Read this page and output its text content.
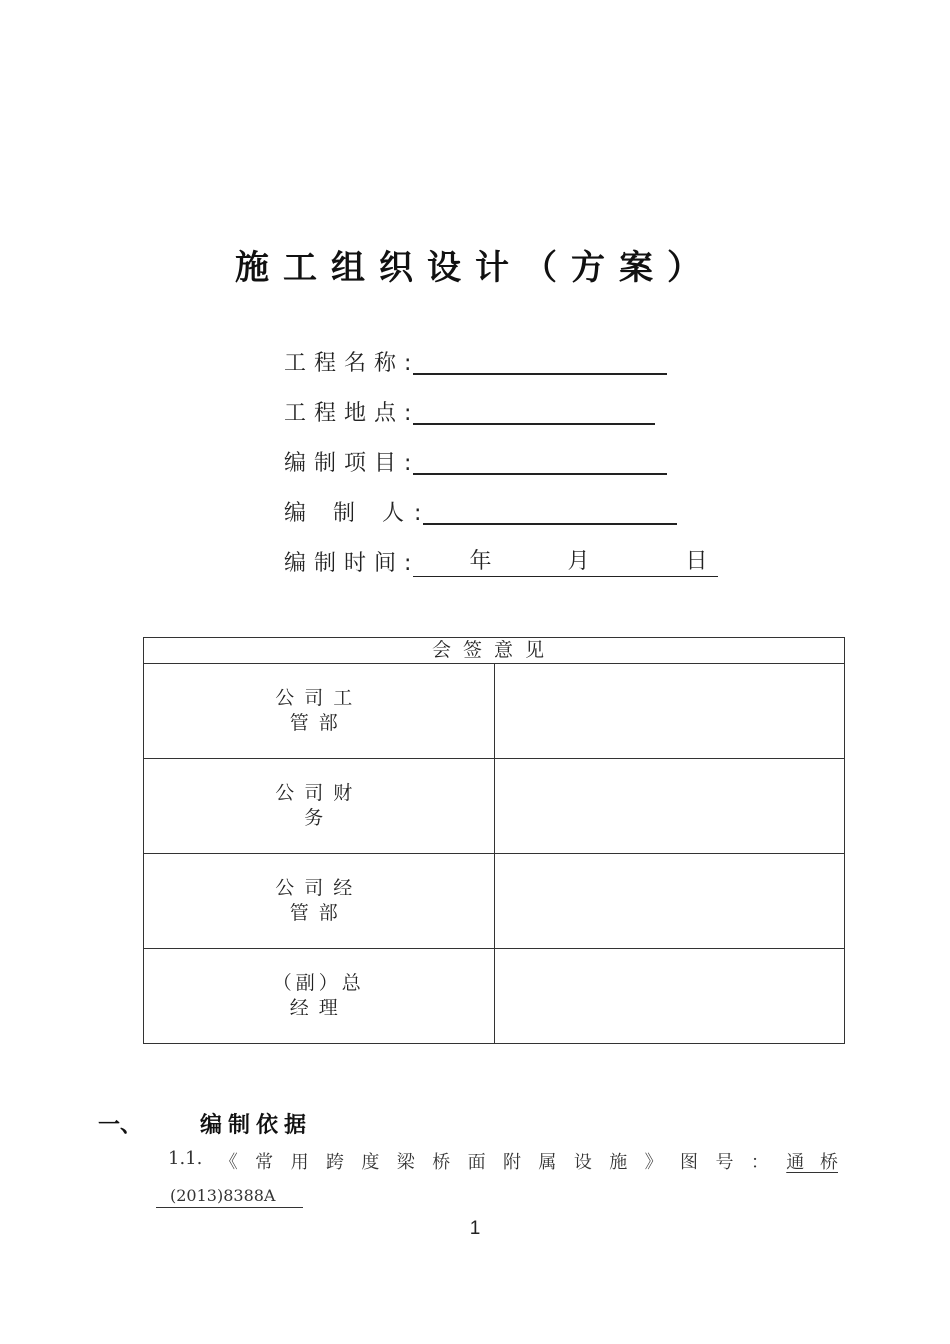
施工组织设计（方案）
工程名称 :
工程地点 :
编制项目 :
编 制 人 :
编制时间 :	年	月	日
会签意见	

公司工
管部	

公司财
务	

公司经
管部	

（副）总
经理	

一、	编制依据
1.1. 《 常 用 跨 度 梁 桥 面 附 属 设 施 》 图 号 ： 通 桥
(2013)8388A
1
